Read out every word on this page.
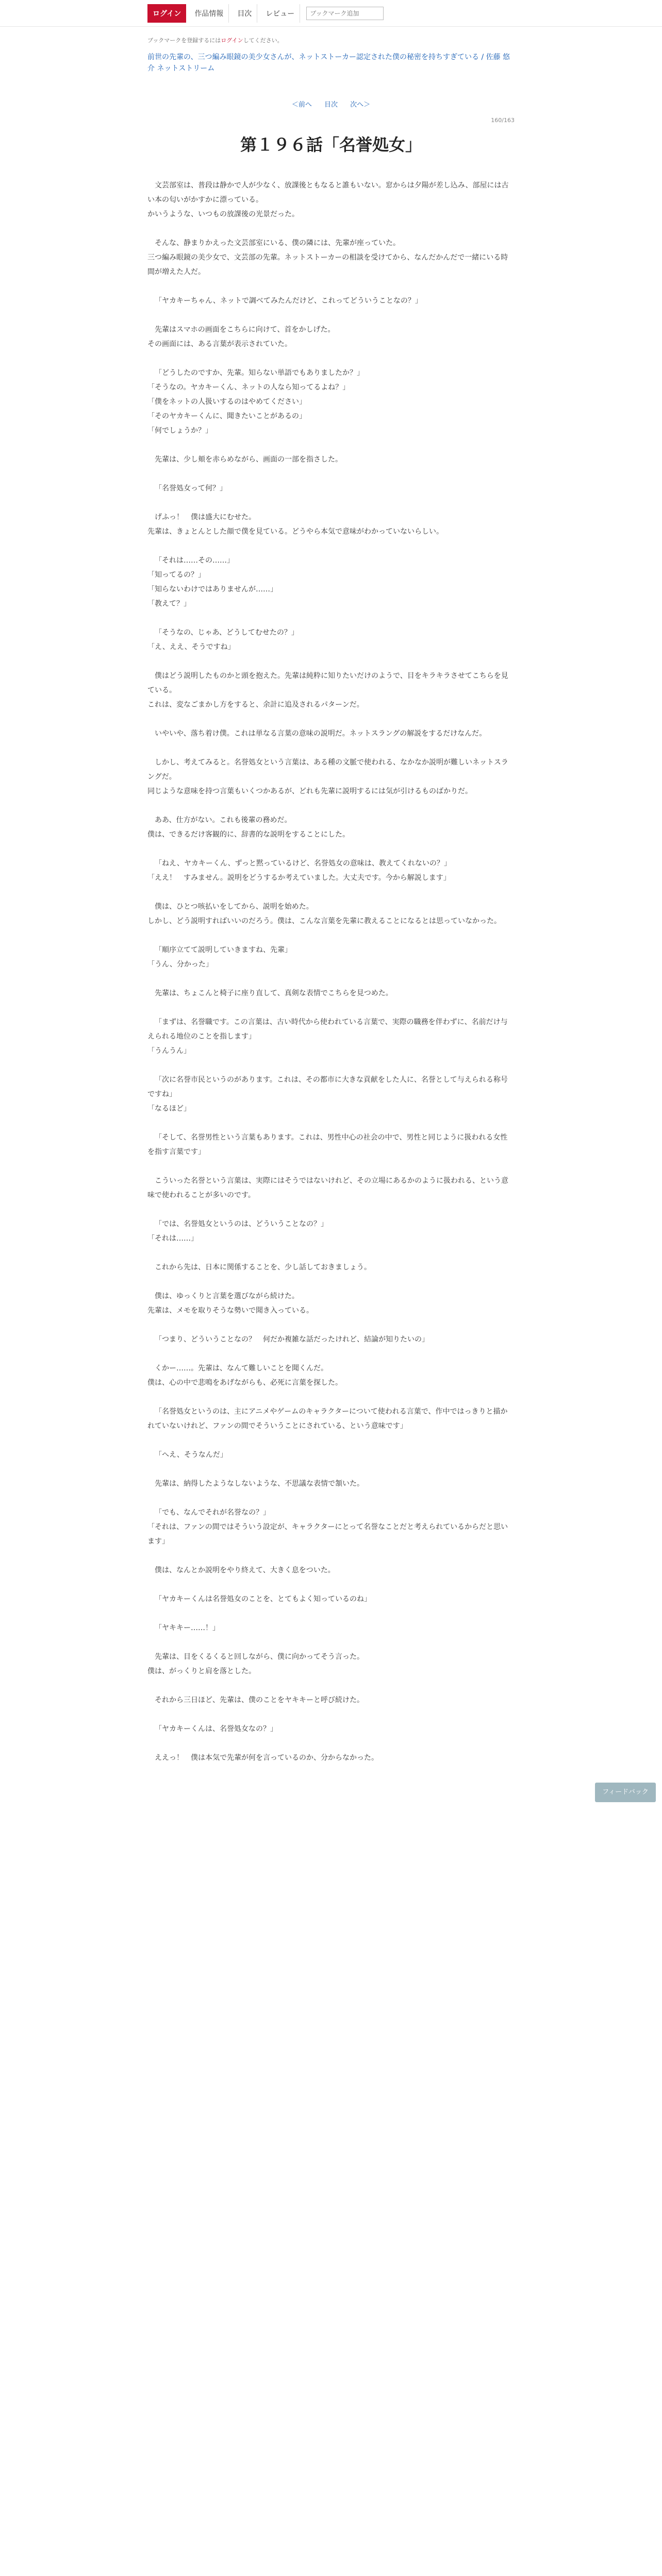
ログイン	作品情報	目次	レビュー
ブックマーク追加
ブックマークを登録するにはログインしてください。
前世の先輩の、三つ編み眼鏡の美少女さんが、ネットストーカー認定された僕の秘密を持ちすぎている / 佐藤 悠介 ネットストリーム
＜前へ 目次 次へ＞
160/163
第１９６話「名誉処女」

文芸部室は、普段は静かで人が少なく、放課後ともなると誰もいない。窓からは夕陽が差し込み、部屋には古い本の匂いがかすかに漂っている。
かいうような、いつもの放課後の光景だった。

そんな、静まりかえった文芸部室にいる、僕の隣には、先輩が座っていた。
三つ編み眼鏡の美少女で、文芸部の先輩。ネットストーカーの相談を受けてから、なんだかんだで一緒にいる時間が増えた人だ。

「ヤカキーちゃん、ネットで調べてみたんだけど、これってどういうことなの？」

先輩はスマホの画面をこちらに向けて、首をかしげた。
その画面には、ある言葉が表示されていた。

「どうしたのですか、先輩。知らない単語でもありましたか？」
「そうなの。ヤカキーくん、ネットの人なら知ってるよね？」
「僕をネットの人扱いするのはやめてください」
「そのヤカキーくんに、聞きたいことがあるの」
「何でしょうか？」

先輩は、少し頬を赤らめながら、画面の一部を指さした。

「名誉処女って何？」

げふっ！　僕は盛大にむせた。
先輩は、きょとんとした顔で僕を見ている。どうやら本気で意味がわかっていないらしい。

「それは……その……」
「知ってるの？」
「知らないわけではありませんが……」
「教えて？」

「そうなの、じゃあ、どうしてむせたの？」
「え、ええ、そうですね」

僕はどう説明したものかと頭を抱えた。先輩は純粋に知りたいだけのようで、目をキラキラさせてこちらを見ている。
これは、変なごまかし方をすると、余計に追及されるパターンだ。

いやいや、落ち着け僕。これは単なる言葉の意味の説明だ。ネットスラングの解説をするだけなんだ。

しかし、考えてみると。名誉処女という言葉は、ある種の文脈で使われる、なかなか説明が難しいネットスラングだ。
同じような意味を持つ言葉もいくつかあるが、どれも先輩に説明するには気が引けるものばかりだ。

ああ、仕方がない。これも後輩の務めだ。
僕は、できるだけ客観的に、辞書的な説明をすることにした。

「ねえ、ヤカキーくん、ずっと黙っているけど、名誉処女の意味は、教えてくれないの？」
「ええ！　すみません。説明をどうするか考えていました。大丈夫です。今から解説します」

僕は、ひとつ咳払いをしてから、説明を始めた。
しかし、どう説明すればいいのだろう。僕は、こんな言葉を先輩に教えることになるとは思っていなかった。

「順序立てて説明していきますね、先輩」
「うん、分かった」

先輩は、ちょこんと椅子に座り直して、真剣な表情でこちらを見つめた。

「まずは、名誉職です。この言葉は、古い時代から使われている言葉で、実際の職務を伴わずに、名前だけ与えられる地位のことを指します」
「うんうん」

「次に名誉市民というのがあります。これは、その都市に大きな貢献をした人に、名誉として与えられる称号ですね」
「なるほど」

「そして、名誉男性という言葉もあります。これは、男性中心の社会の中で、男性と同じように扱われる女性を指す言葉です」

こういった名誉という言葉は、実際にはそうではないけれど、その立場にあるかのように扱われる、という意味で使われることが多いのです。

「では、名誉処女というのは、どういうことなの？」
「それは……」

これから先は、日本に関係することを、少し話しておきましょう。

僕は、ゆっくりと言葉を選びながら続けた。
先輩は、メモを取りそうな勢いで聞き入っている。

「つまり、どういうことなの？　何だか複雑な話だったけれど、結論が知りたいの」

くかー……。先輩は、なんて難しいことを聞くんだ。
僕は、心の中で悲鳴をあげながらも、必死に言葉を探した。

「名誉処女というのは、主にアニメやゲームのキャラクターについて使われる言葉で、作中ではっきりと描かれていないけれど、ファンの間でそういうことにされている、という意味です」

「へえ、そうなんだ」

先輩は、納得したようなしないような、不思議な表情で頷いた。

「でも、なんでそれが名誉なの？」
「それは、ファンの間ではそういう設定が、キャラクターにとって名誉なことだと考えられているからだと思います」

僕は、なんとか説明をやり終えて、大きく息をついた。

「ヤカキーくんは名誉処女のことを、とてもよく知っているのね」

「ヤキキー……！」

先輩は、目をくるくると回しながら、僕に向かってそう言った。
僕は、がっくりと肩を落とした。

それから三日ほど、先輩は、僕のことをヤキキーと呼び続けた。

「ヤカキーくんは、名誉処女なの？」

ええっ！　僕は本気で先輩が何を言っているのか、分からなかった。

フィードバック
